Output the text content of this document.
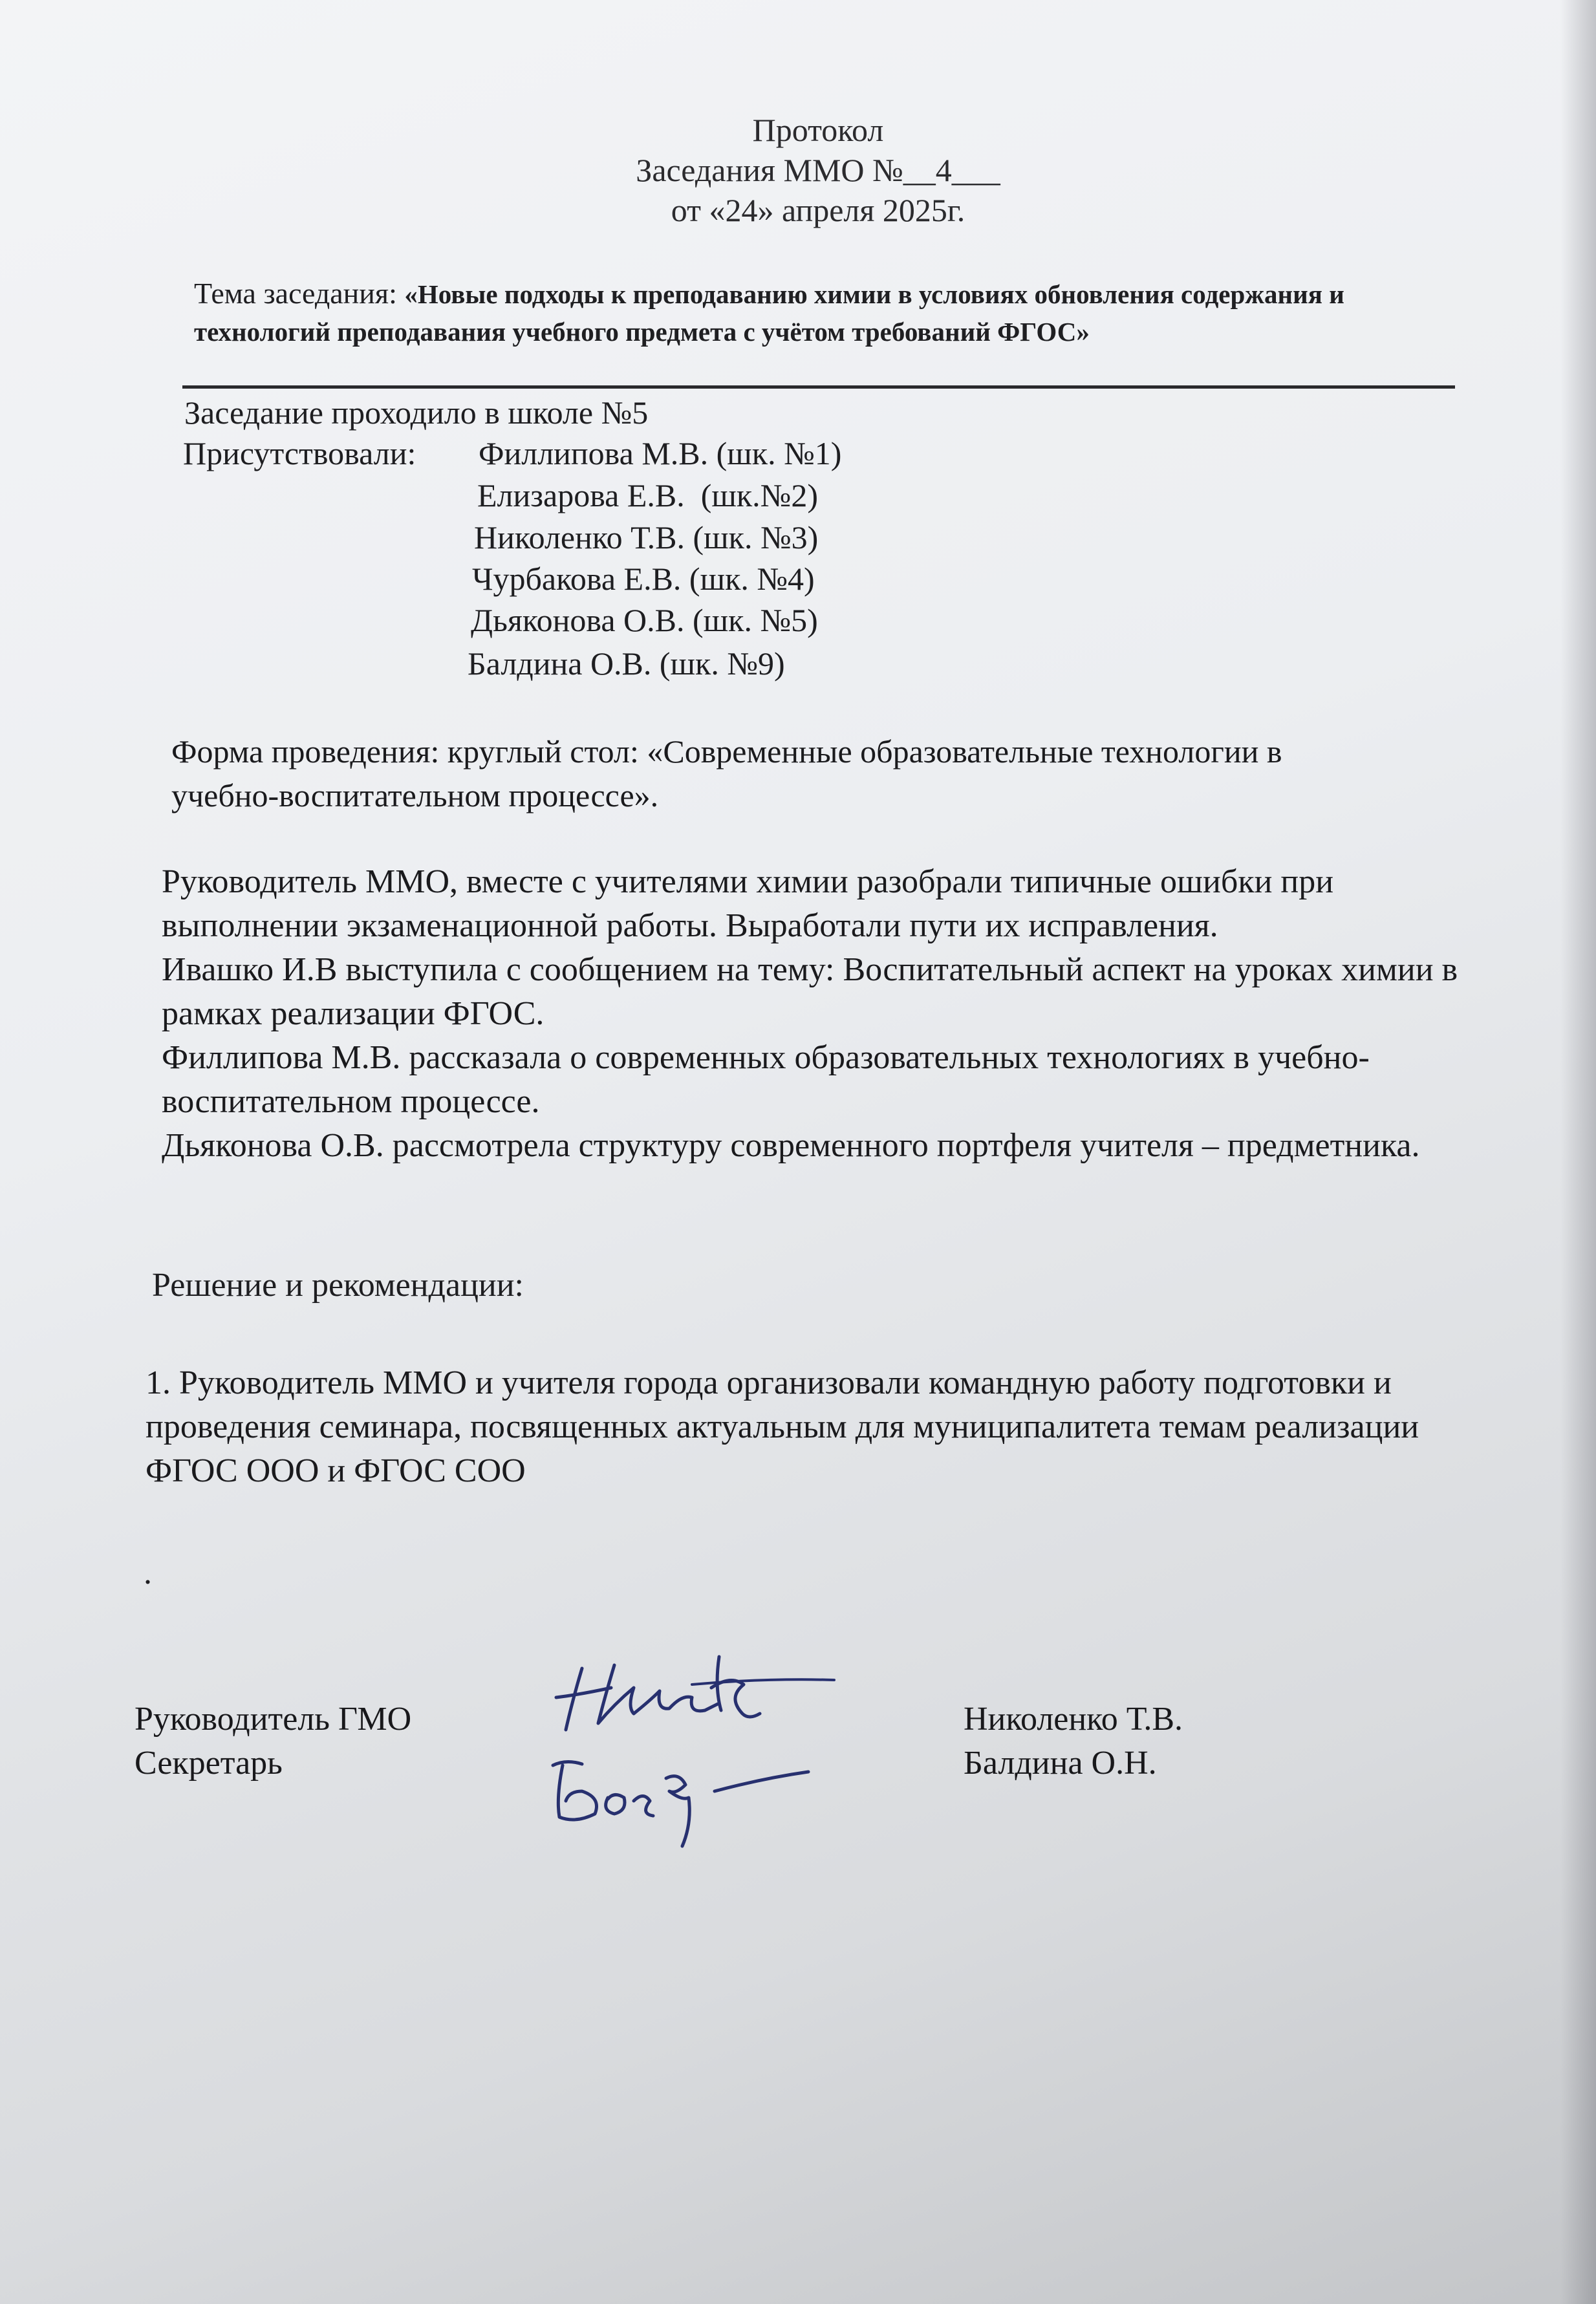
Протокол
Заседания ММО №__4___
от «24» апреля 2025г.
Тема заседания: «Новые подходы к преподаванию химии в условиях обновления содержания и технологий преподавания учебного предмета с учётом требований ФГОС»
Заседание проходило в школе №5
Присутствовали: Филлипова М.В. (шк. №1)
Елизарова Е.В.  (шк.№2)
Николенко Т.В. (шк. №3)
Чурбакова Е.В. (шк. №4)
Дьяконова О.В. (шк. №5)
Балдина О.В. (шк. №9)
Форма проведения: круглый стол: «Современные образовательные технологии в учебно-воспитательном процессе».

Руководитель ММО, вместе с учителями химии разобрали типичные ошибки при выполнении экзаменационной работы. Выработали пути их исправления.

Ивашко И.В выступила с сообщением на тему: Воспитательный аспект на уроках химии в рамках реализации ФГОС.

Филлипова М.В. рассказала о современных образовательных технологиях в учебно-воспитательном процессе.

Дьяконова О.В. рассмотрела структуру современного портфеля учителя – предметника.

Решение и рекомендации:
1. Руководитель ММО и учителя города организовали командную работу подготовки и проведения семинара, посвященных актуальным для муниципалитета темам реализации ФГОС ООО и ФГОС СОО
.
Руководитель ГМО	Николенко Т.В.
Секретарь	Балдина О.Н.
